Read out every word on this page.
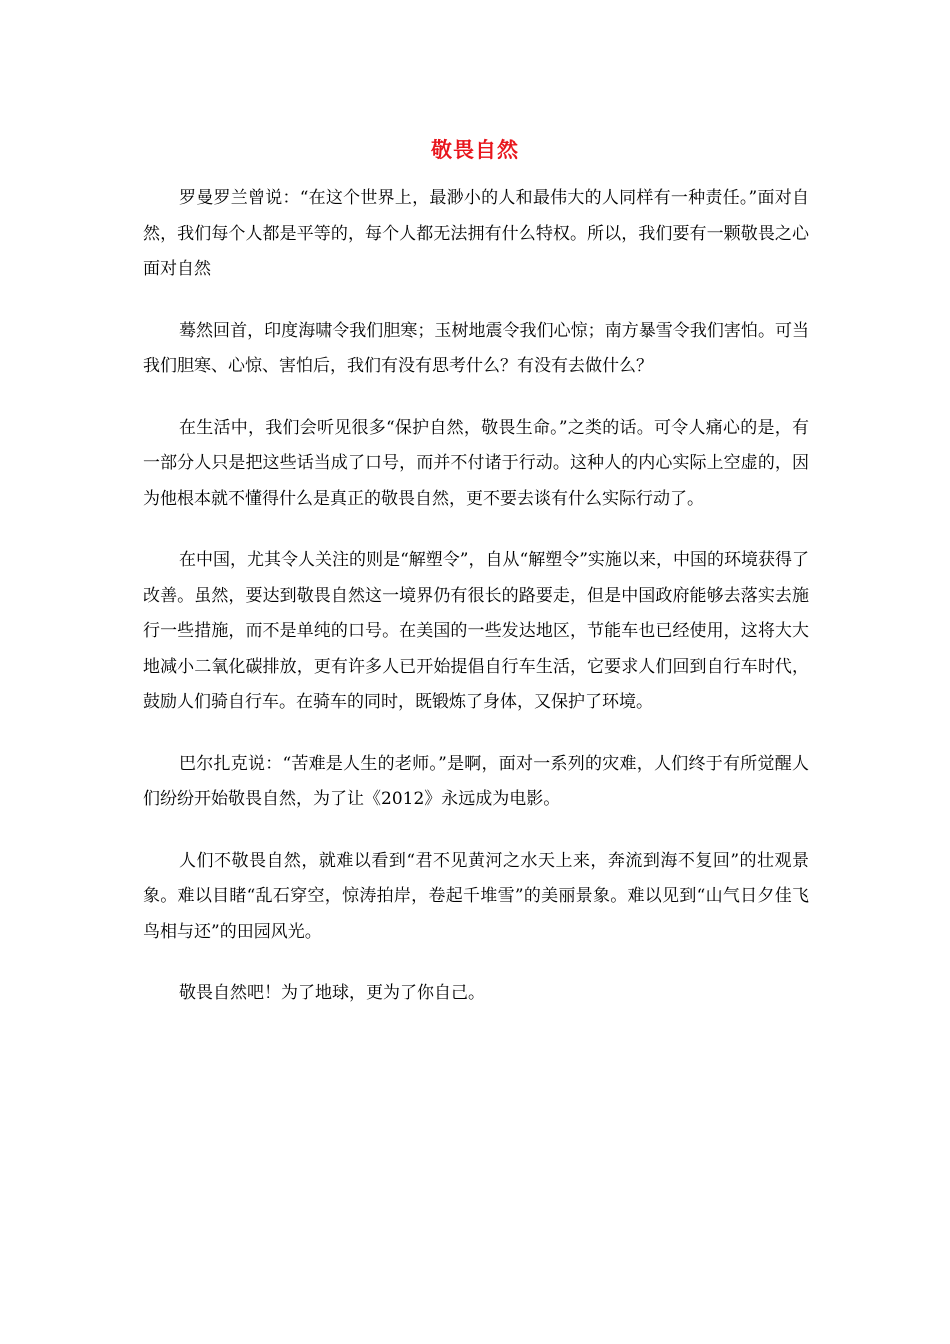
敬畏自然

罗曼罗兰曾说：“在这个世界上，最渺小的人和最伟大的人同样有一种责任。”面对自然，我们每个人都是平等的，每个人都无法拥有什么特权。所以，我们要有一颗敬畏之心面对自然

蓦然回首，印度海啸令我们胆寒；玉树地震令我们心惊；南方暴雪令我们害怕。可当我们胆寒、心惊、害怕后，我们有没有思考什么？有没有去做什么？

在生活中，我们会听见很多“保护自然，敬畏生命。”之类的话。可令人痛心的是，有一部分人只是把这些话当成了口号，而并不付诸于行动。这种人的内心实际上空虚的，因为他根本就不懂得什么是真正的敬畏自然，更不要去谈有什么实际行动了。

在中国，尤其令人关注的则是“解塑令”，自从“解塑令”实施以来，中国的环境获得了改善。虽然，要达到敬畏自然这一境界仍有很长的路要走，但是中国政府能够去落实去施行一些措施，而不是单纯的口号。在美国的一些发达地区，节能车也已经使用，这将大大地减小二氧化碳排放，更有许多人已开始提倡自行车生活，它要求人们回到自行车时代，鼓励人们骑自行车。在骑车的同时，既锻炼了身体，又保护了环境。

巴尔扎克说：“苦难是人生的老师。”是啊，面对一系列的灾难，人们终于有所觉醒人们纷纷开始敬畏自然，为了让《2012》永远成为电影。

人们不敬畏自然，就难以看到“君不见黄河之水天上来，奔流到海不复回”的壮观景象。难以目睹“乱石穿空，惊涛拍岸，卷起千堆雪”的美丽景象。难以见到“山气日夕佳飞鸟相与还”的田园风光。

敬畏自然吧！为了地球，更为了你自己。
